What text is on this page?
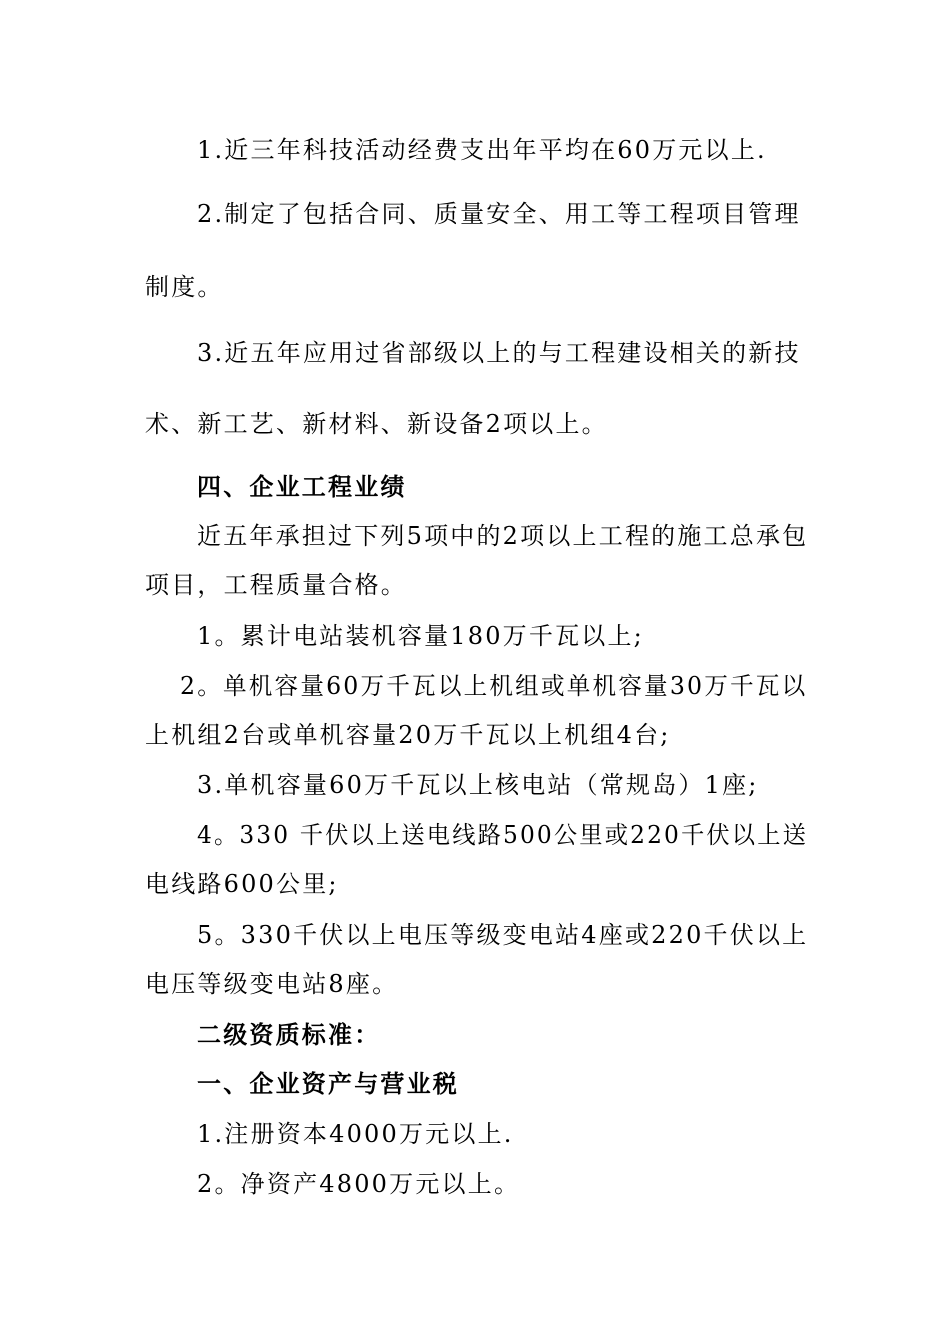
1.近三年科技活动经费支出年平均在60万元以上.
2.制定了包括合同、质量安全、用工等工程项目管理
制度。
3.近五年应用过省部级以上的与工程建设相关的新技
术、新工艺、新材料、新设备2项以上。
四、企业工程业绩
近五年承担过下列5项中的2项以上工程的施工总承包
项目，工程质量合格。
1。累计电站装机容量180万千瓦以上;
2。单机容量60万千瓦以上机组或单机容量30万千瓦以
上机组2台或单机容量20万千瓦以上机组4台;
3.单机容量60万千瓦以上核电站（常规岛）1座;
4。330 千伏以上送电线路500公里或220千伏以上送
电线路600公里;
5。330千伏以上电压等级变电站4座或220千伏以上
电压等级变电站8座。
二级资质标准：
一、企业资产与营业税
1.注册资本4000万元以上.
2。净资产4800万元以上。
